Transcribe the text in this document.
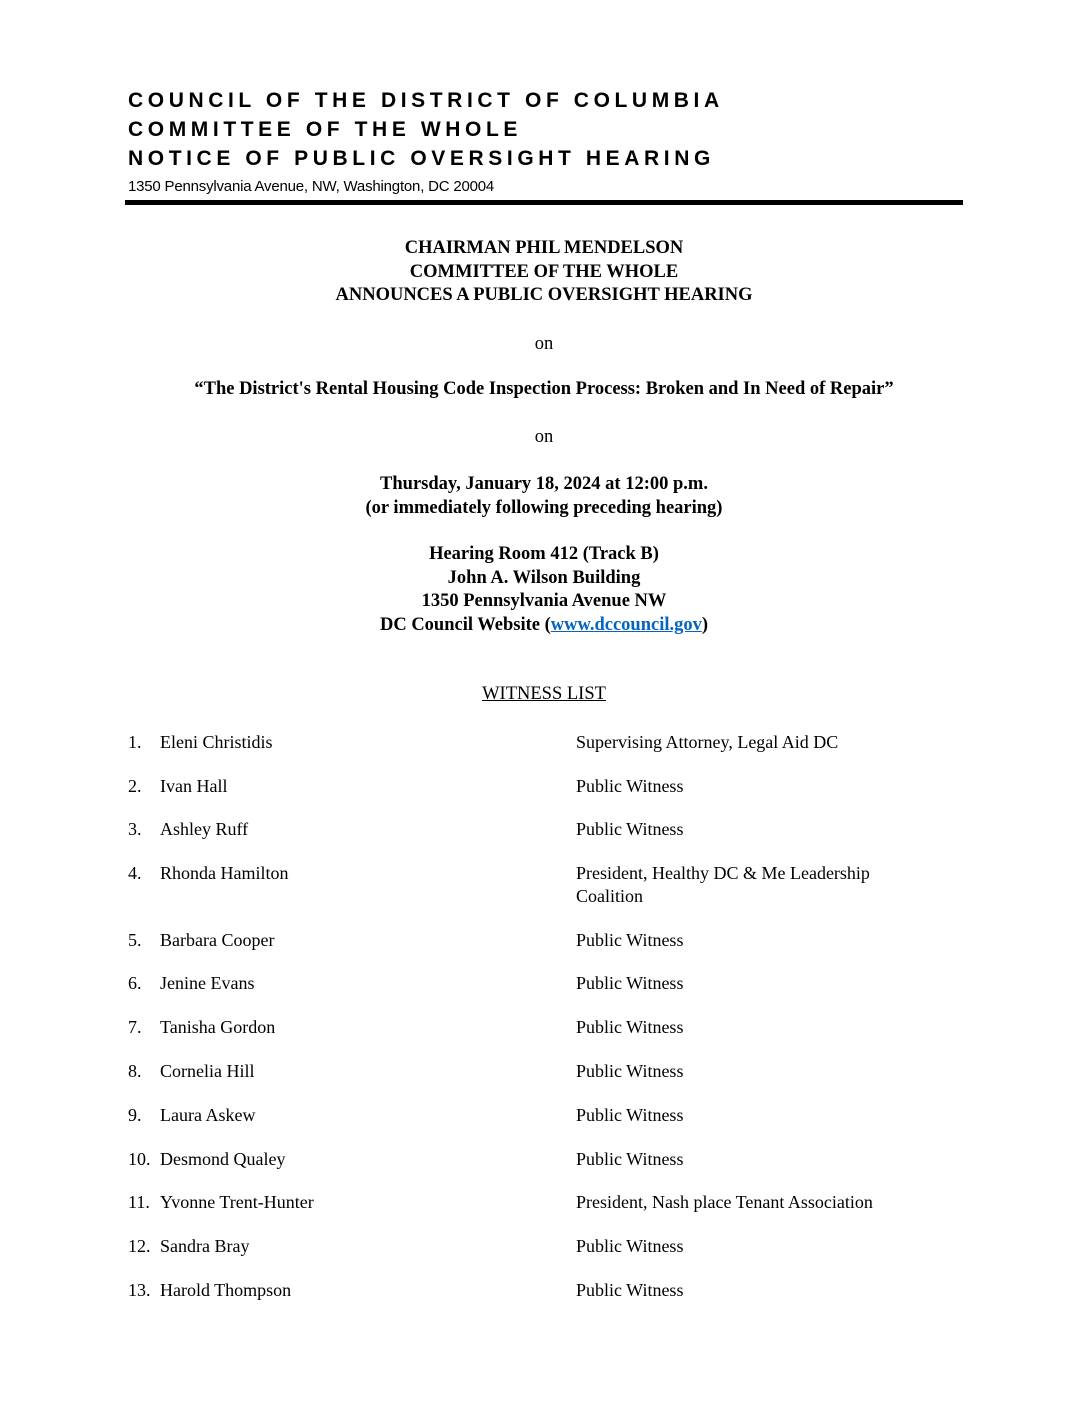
COUNCIL OF THE DISTRICT OF COLUMBIA
COMMITTEE OF THE WHOLE
NOTICE OF PUBLIC OVERSIGHT HEARING
1350 Pennsylvania Avenue, NW, Washington, DC 20004
CHAIRMAN PHIL MENDELSON
COMMITTEE OF THE WHOLE
ANNOUNCES A PUBLIC OVERSIGHT HEARING
on
“The District's Rental Housing Code Inspection Process: Broken and In Need of Repair”
on
Thursday, January 18, 2024 at 12:00 p.m.
(or immediately following preceding hearing)
Hearing Room 412 (Track B)
John A. Wilson Building
1350 Pennsylvania Avenue NW
DC Council Website (www.dccouncil.gov)
WITNESS LIST
1.	Eleni Christidis	Supervising Attorney, Legal Aid DC
2.	Ivan Hall	Public Witness
3.	Ashley Ruff	Public Witness
4.	Rhonda Hamilton	President, Healthy DC & Me Leadership
Coalition
5.	Barbara Cooper	Public Witness
6.	Jenine Evans	Public Witness
7.	Tanisha Gordon	Public Witness
8.	Cornelia Hill	Public Witness
9.	Laura Askew	Public Witness
10. Desmond Qualey	Public Witness
11. Yvonne Trent-Hunter	President, Nash place Tenant Association
12. Sandra Bray	Public Witness
13. Harold Thompson	Public Witness
